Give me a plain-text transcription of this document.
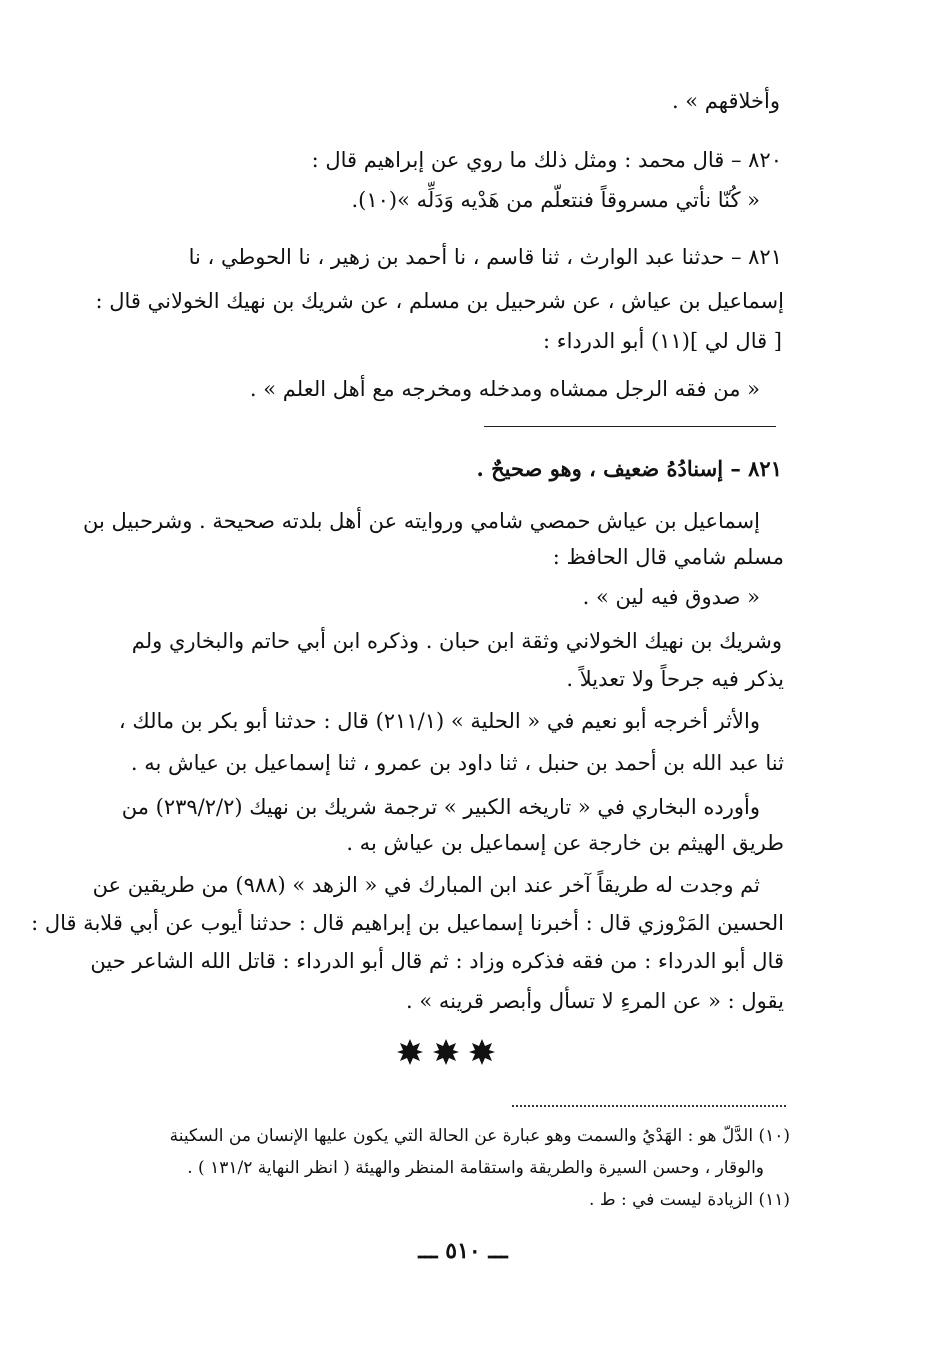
وأخلاقهم » .
٨٢٠ – قال محمد : ومثل ذلك ما روي عن إبراهيم قال :
« كُنّا نأتي مسروقاً فنتعلّم من هَدْيه وَدَلِّه »(١٠).
٨٢١ – حدثنا عبد الوارث ، ثنا قاسم ، نا أحمد بن زهير ، نا الحوطي ، نا
إسماعيل بن عياش ، عن شرحبيل بن مسلم ، عن شريك بن نهيك الخولاني قال :
[ قال لي ](١١) أبو الدرداء :
« من فقه الرجل ممشاه ومدخله ومخرجه مع أهل العلم » .
٨٢١ – إسنادُهُ ضعيف ، وهو صحيحٌ .
إسماعيل بن عياش حمصي شامي وروايته عن أهل بلدته صحيحة . وشرحبيل بن
مسلم شامي قال الحافظ :
« صدوق فيه لين » .
وشريك بن نهيك الخولاني وثقة ابن حبان . وذكره ابن أبي حاتم والبخاري ولم
يذكر فيه جرحاً ولا تعديلاً .
والأثر أخرجه أبو نعيم في « الحلية » (٢١١/١) قال : حدثنا أبو بكر بن مالك ،
ثنا عبد الله بن أحمد بن حنبل ، ثنا داود بن عمرو ، ثنا إسماعيل بن عياش به .
وأورده البخاري في « تاريخه الكبير » ترجمة شريك بن نهيك (٢٣٩/٢/٢) من
طريق الهيثم بن خارجة عن إسماعيل بن عياش به .
ثم وجدت له طريقاً آخر عند ابن المبارك في « الزهد » (٩٨٨) من طريقين عن
الحسين المَرْوزي قال : أخبرنا إسماعيل بن إبراهيم قال : حدثنا أيوب عن أبي قلابة قال :
قال أبو الدرداء : من فقه فذكره وزاد : ثم قال أبو الدرداء : قاتل الله الشاعر حين
يقول : « عن المرءِ لا تسأل وأبصر قرينه » .
(١٠) الدَّلّ هو : الهَدْيُ والسمت وهو عبارة عن الحالة التي يكون عليها الإنسان من السكينة
والوقار ، وحسن السيرة والطريقة واستقامة المنظر والهيئة ( انظر النهاية ١٣١/٢ ) .
(١١) الزيادة ليست في : ط .
ـــ ٥١٠ ـــ
